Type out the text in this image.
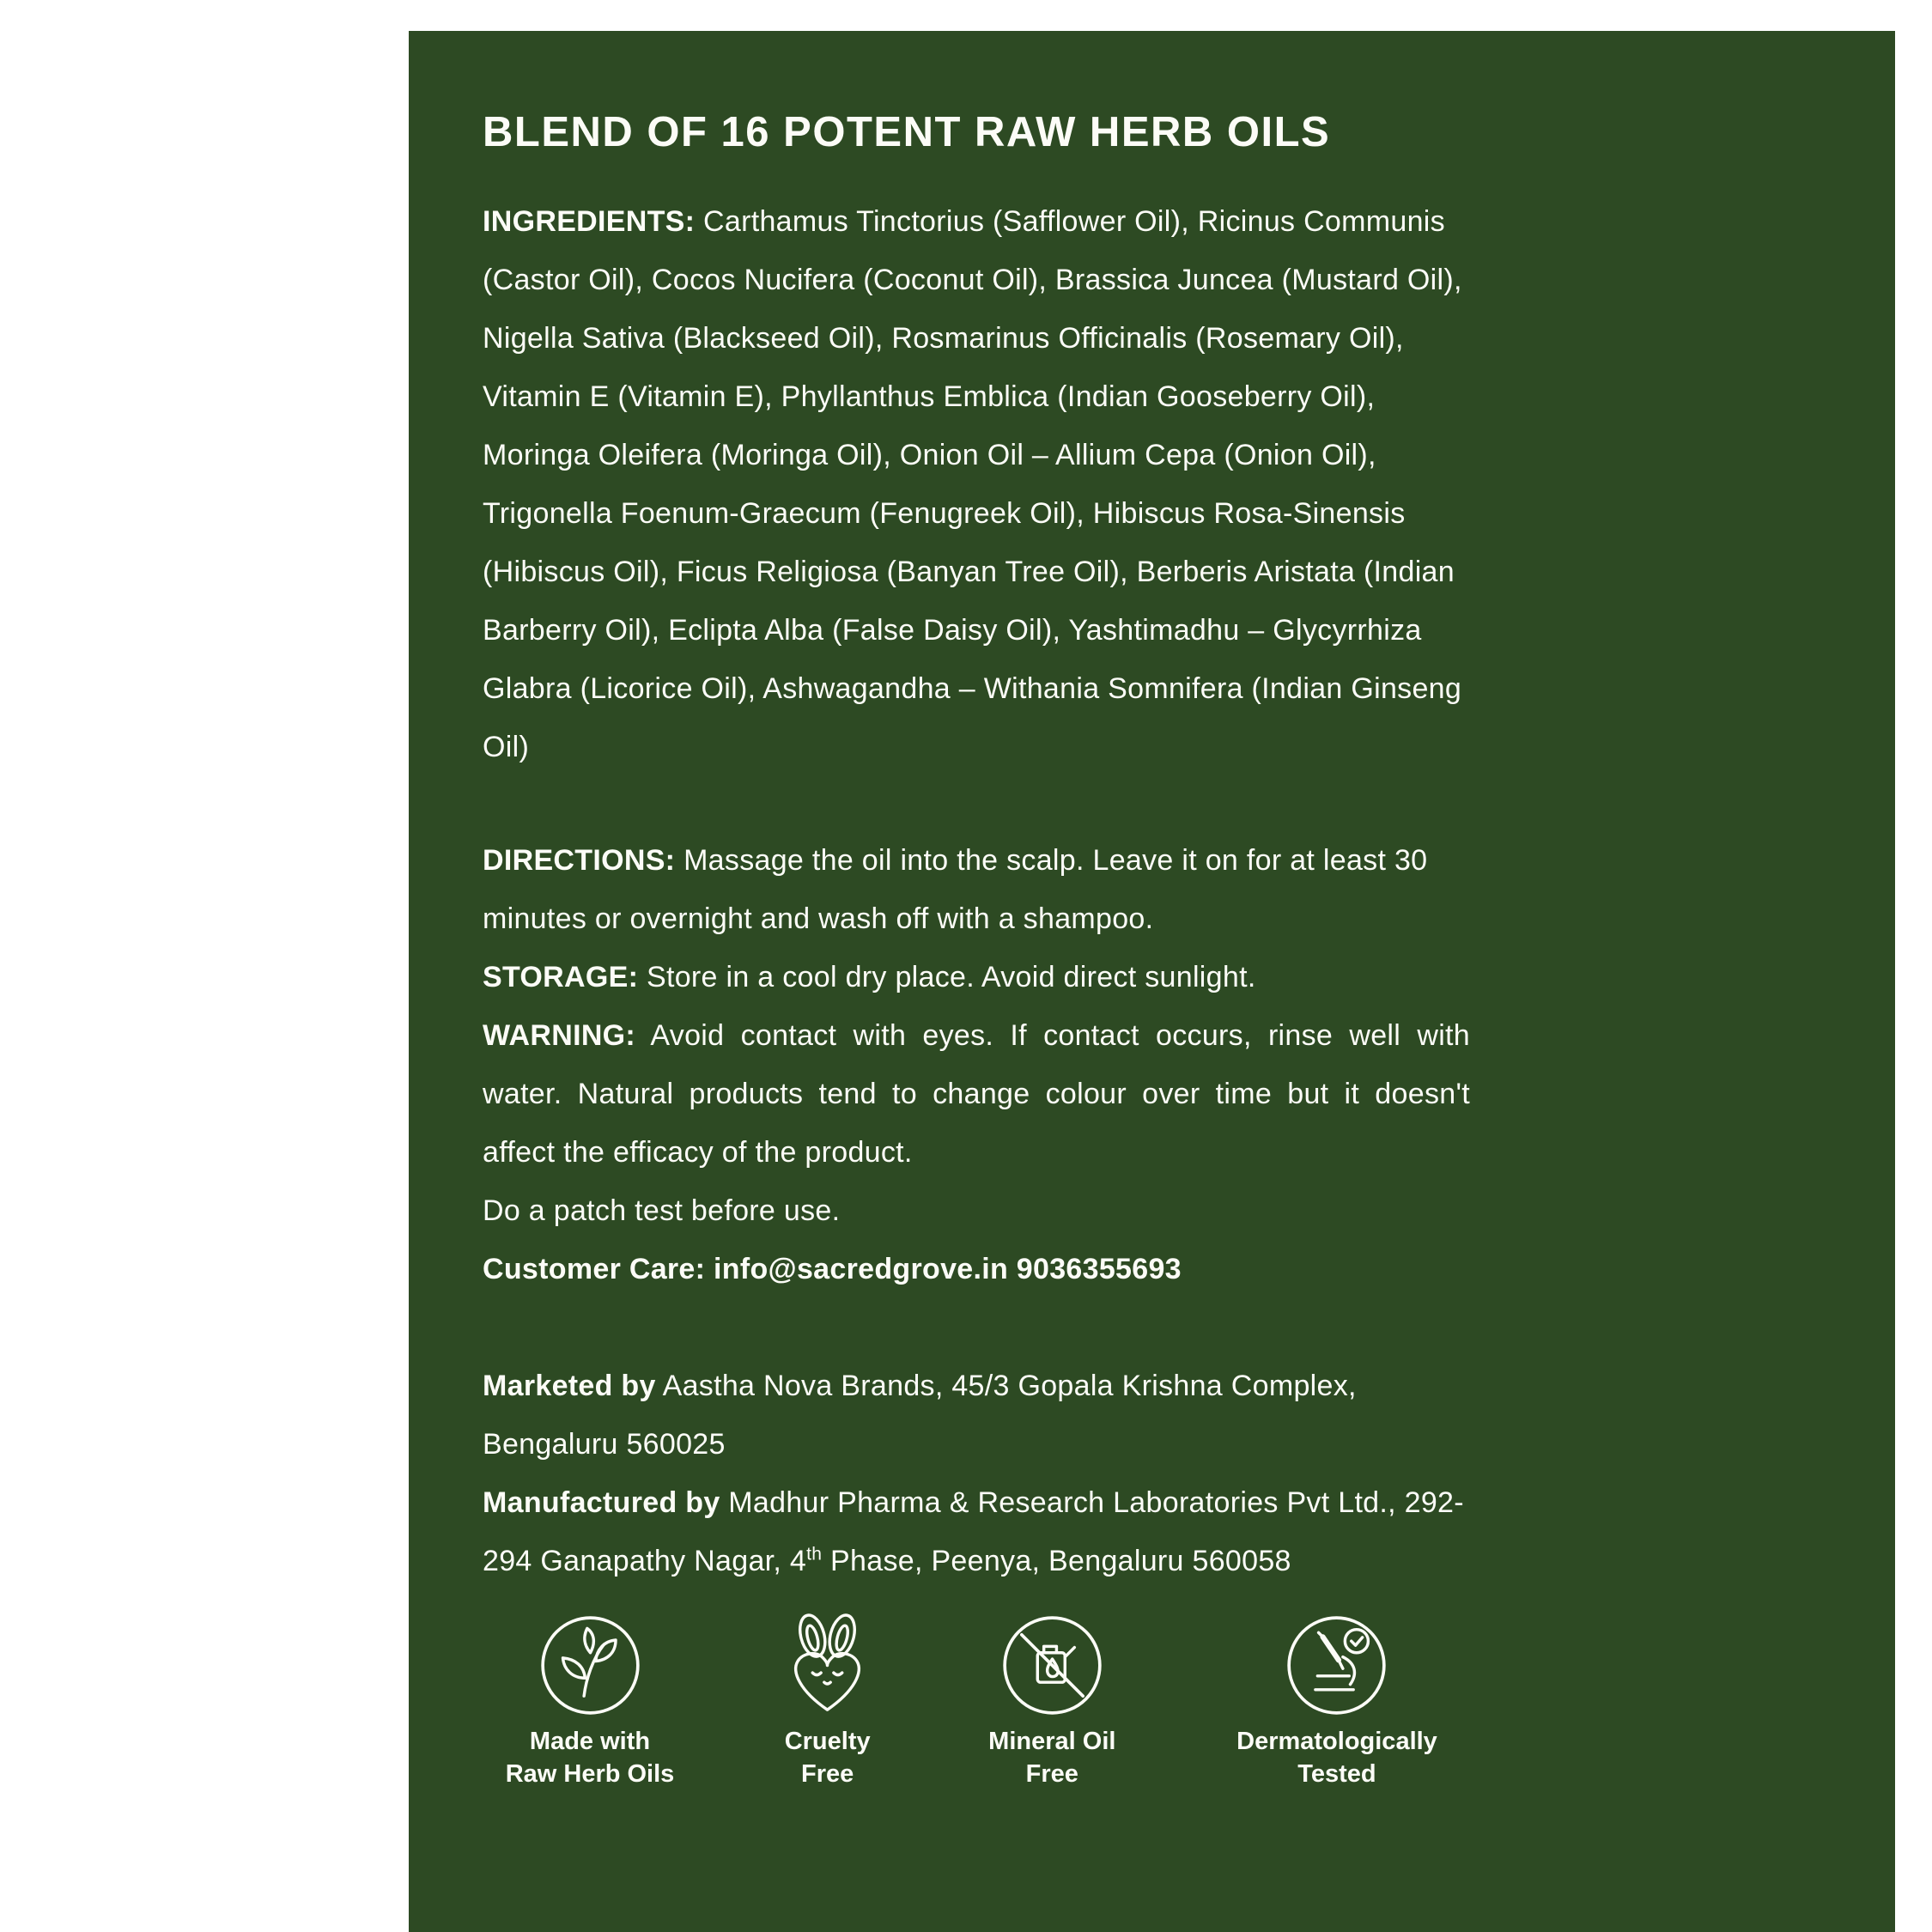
BLEND OF 16 POTENT RAW HERB OILS

INGREDIENTS: Carthamus Tinctorius (Safflower Oil), Ricinus Communis (Castor Oil), Cocos Nucifera (Coconut Oil), Brassica Juncea (Mustard Oil), Nigella Sativa (Blackseed Oil), Rosmarinus Officinalis (Rosemary Oil), Vitamin E (Vitamin E), Phyllanthus Emblica (Indian Gooseberry Oil), Moringa Oleifera (Moringa Oil), Onion Oil – Allium Cepa (Onion Oil), Trigonella Foenum-Graecum (Fenugreek Oil), Hibiscus Rosa-Sinensis (Hibiscus Oil), Ficus Religiosa (Banyan Tree Oil), Berberis Aristata (Indian Barberry Oil), Eclipta Alba (False Daisy Oil), Yashtimadhu – Glycyrrhiza Glabra (Licorice Oil), Ashwagandha – Withania Somnifera (Indian Ginseng Oil)

DIRECTIONS: Massage the oil into the scalp. Leave it on for at least 30 minutes or overnight and wash off with a shampoo.

STORAGE: Store in a cool dry place. Avoid direct sunlight.

WARNING: Avoid contact with eyes. If contact occurs, rinse well with water. Natural products tend to change colour over time but it doesn't affect the efficacy of the product.

Do a patch test before use.

Customer Care: info@sacredgrove.in 9036355693

Marketed by Aastha Nova Brands, 45/3 Gopala Krishna Complex, Bengaluru 560025

Manufactured by Madhur Pharma & Research Laboratories Pvt Ltd., 292-294 Ganapathy Nagar, 4th Phase, Peenya, Bengaluru 560058

Made with
Raw Herb Oils
Cruelty
Free
Mineral Oil
Free
Dermatologically
Tested
